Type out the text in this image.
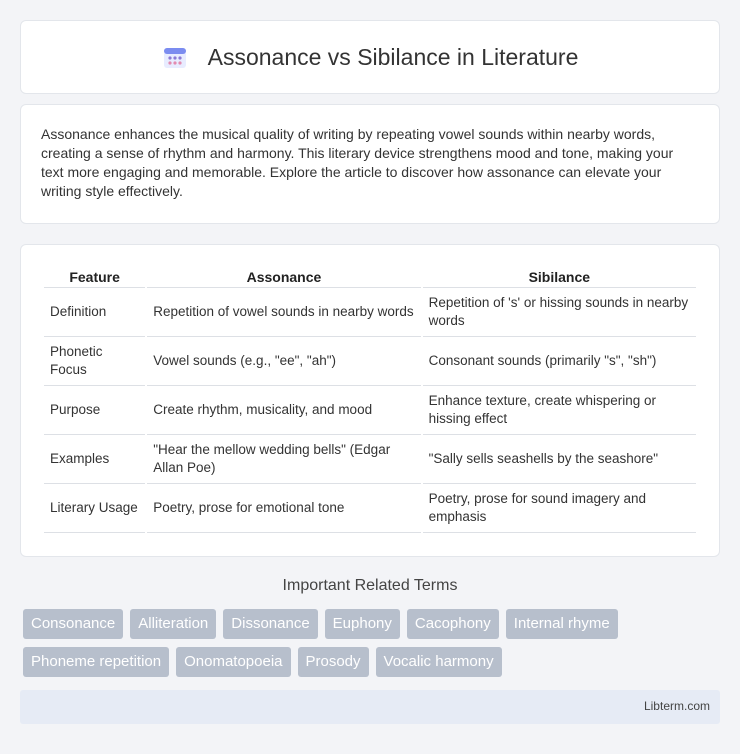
Assonance vs Sibilance in Literature

Assonance enhances the musical quality of writing by repeating vowel sounds within nearby words, creating a sense of rhythm and harmony. This literary device strengthens mood and tone, making your text more engaging and memorable. Explore the article to discover how assonance can elevate your writing style effectively.

Feature	Assonance	Sibilance
Definition	Repetition of vowel sounds in nearby words	Repetition of 's' or hissing sounds in nearby words
Phonetic Focus	Vowel sounds (e.g., "ee", "ah")	Consonant sounds (primarily "s", "sh")
Purpose	Create rhythm, musicality, and mood	Enhance texture, create whispering or hissing effect
Examples	"Hear the mellow wedding bells" (Edgar Allan Poe)	"Sally sells seashells by the seashore"
Literary Usage	Poetry, prose for emotional tone	Poetry, prose for sound imagery and emphasis
Important Related Terms
Consonance	Alliteration	Dissonance	Euphony	Cacophony	Internal rhyme
Phoneme repetition	Onomatopoeia	Prosody	Vocalic harmony
Libterm.com
